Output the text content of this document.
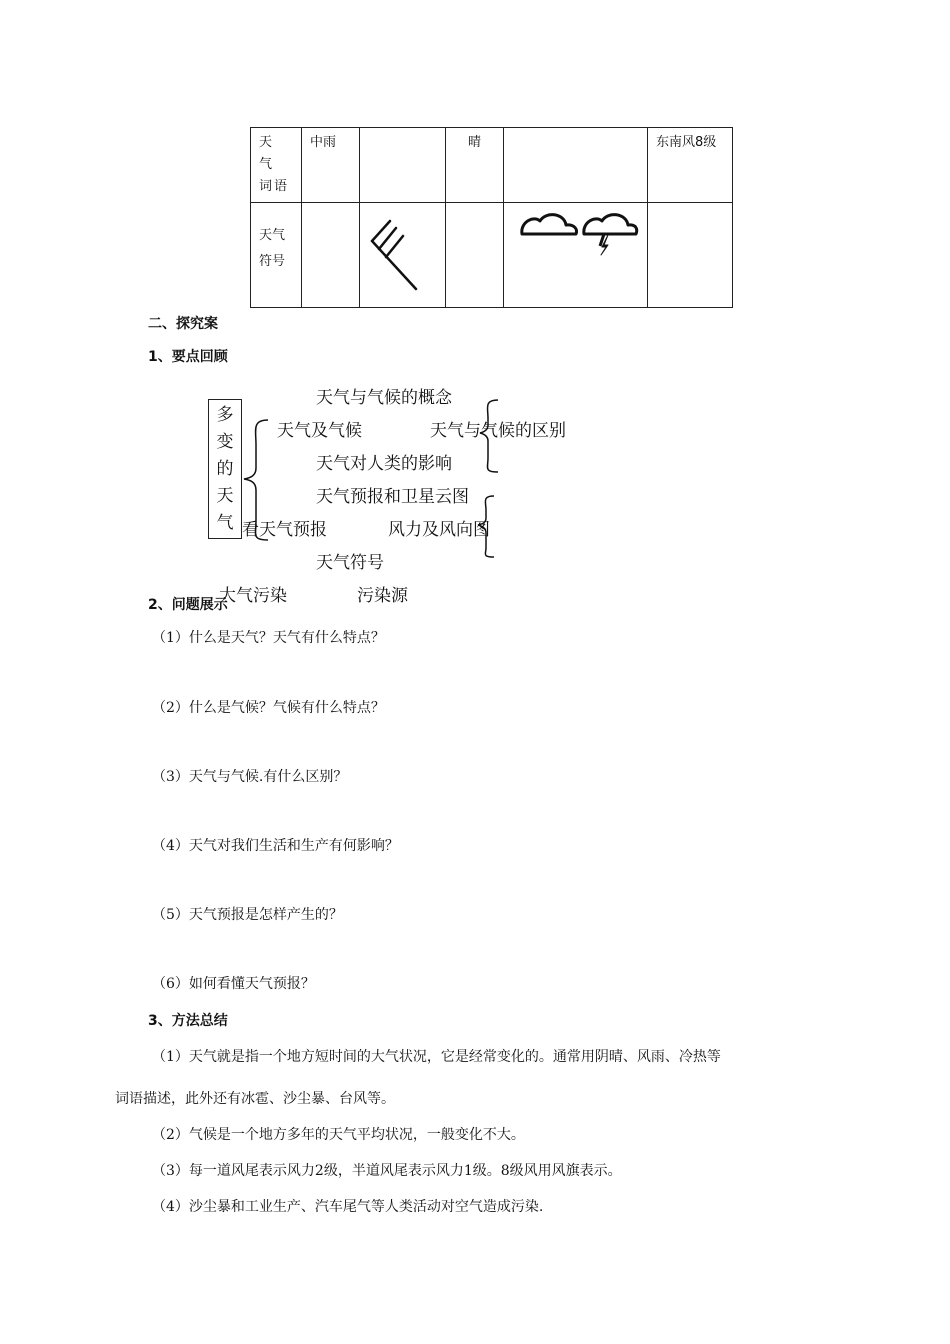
天 气
词语	中雨		晴		东南风8级

天气
符号

二、探究案
1、要点回顾
多
变
的
天
气
天气与气候的概念
天气及气候	天气与气候的区别
天气对人类的影响
天气预报和卫星云图
看天气预报	风力及风向图
天气符号
大气污染	污染源
2、问题展示
（1）什么是天气？天气有什么特点？
（2）什么是气候？气候有什么特点？
（3）天气与气候.有什么区别？
（4）天气对我们生活和生产有何影响？
（5）天气预报是怎样产生的？
（6）如何看懂天气预报？
3、方法总结
（1）天气就是指一个地方短时间的大气状况，它是经常变化的。通常用阴晴、风雨、冷热等
词语描述，此外还有冰雹、沙尘暴、台风等。
（2）气候是一个地方多年的天气平均状况，一般变化不大。
（3）每一道风尾表示风力2级，半道风尾表示风力1级。8级风用风旗表示。
（4）沙尘暴和工业生产、汽车尾气等人类活动对空气造成污染.
